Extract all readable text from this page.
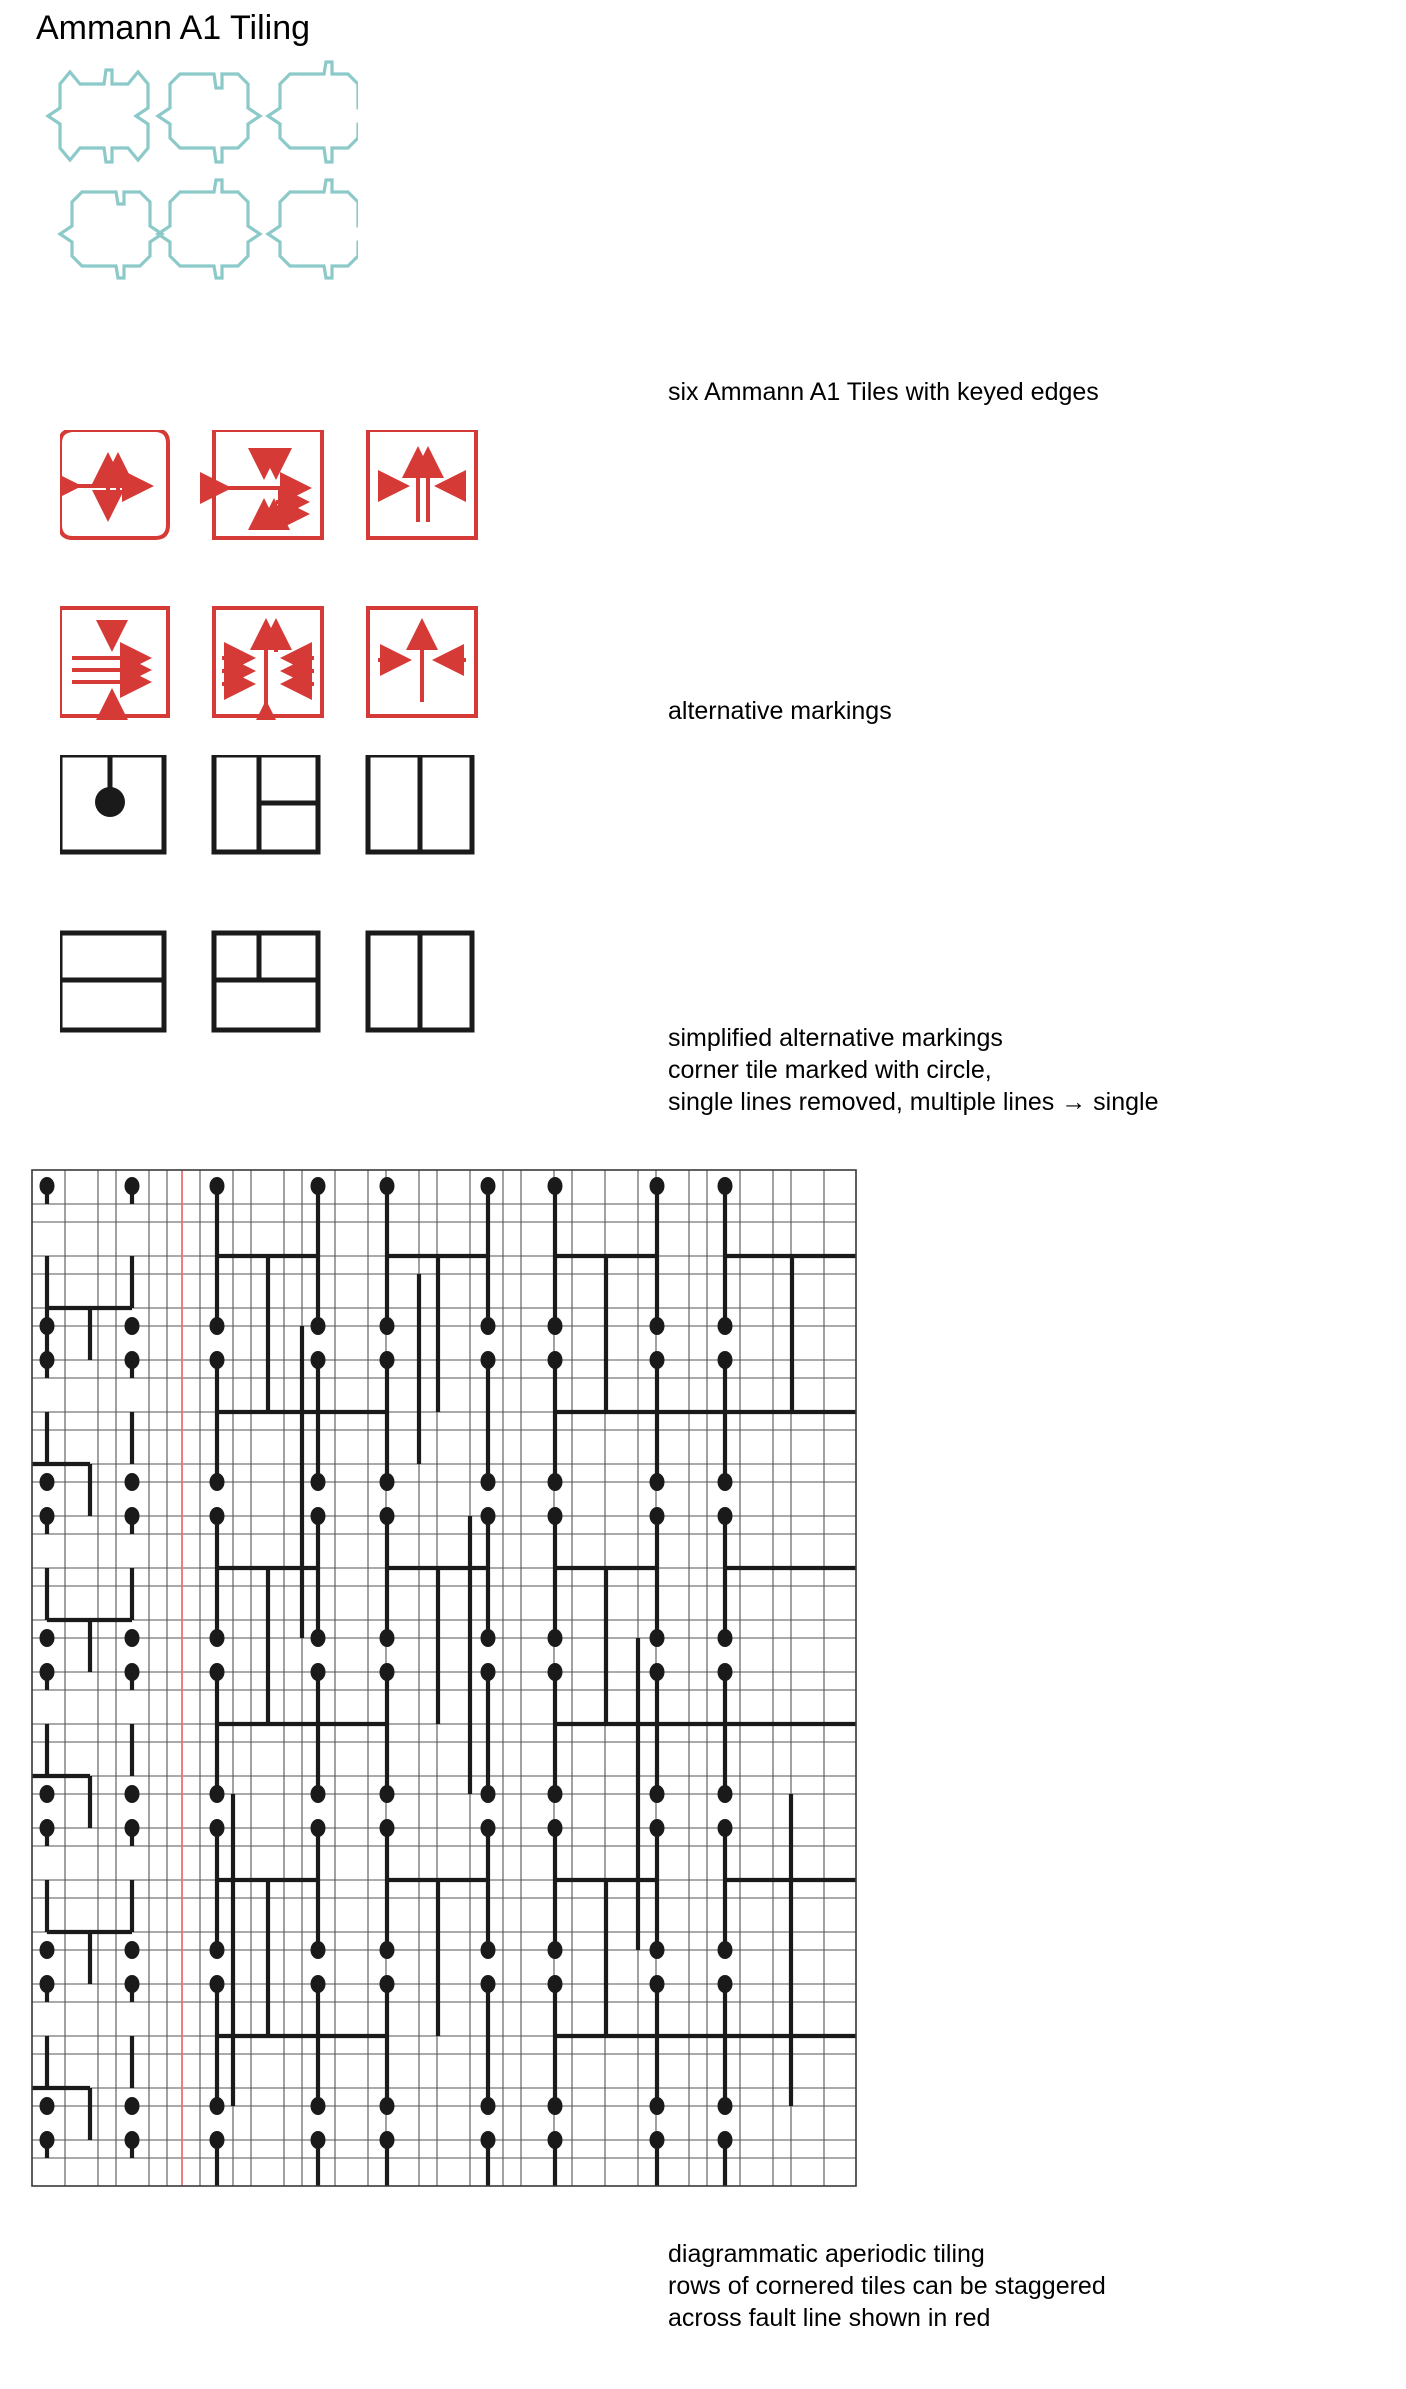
Ammann A1 Tiling
six Ammann A1 Tiles with keyed edges
alternative markings
simplified alternative markings
corner tile marked with circle,
single lines removed, multiple lines → single
diagrammatic aperiodic tiling
rows of cornered tiles can be staggered
across fault line shown in red
